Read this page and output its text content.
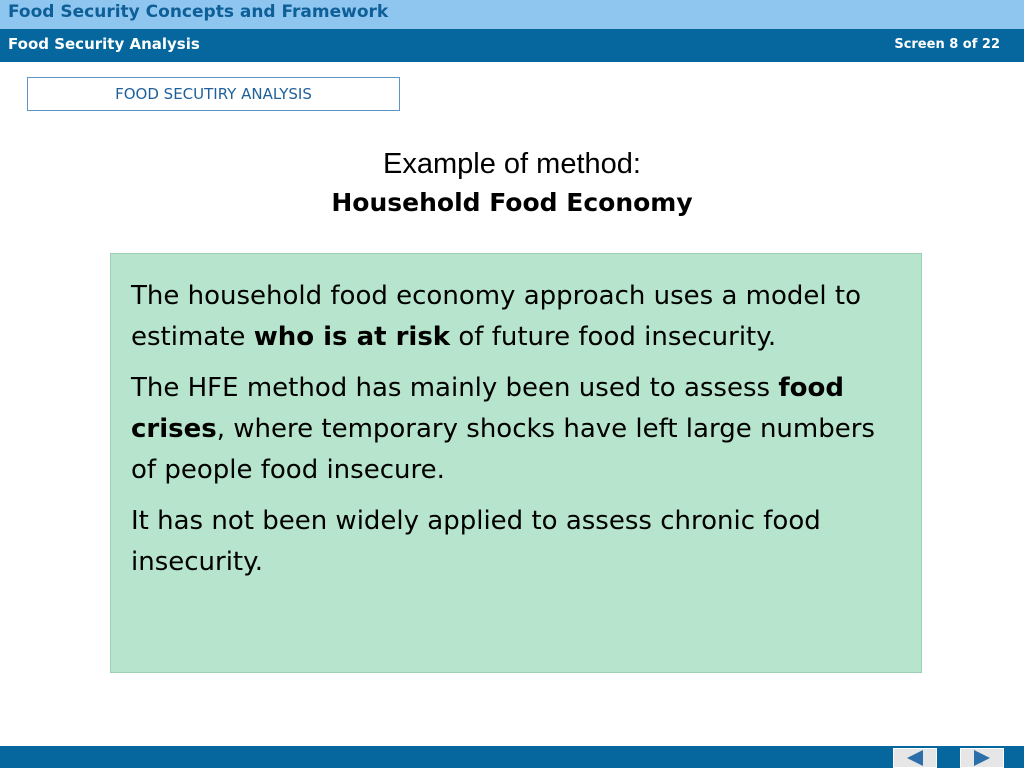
Food Security Concepts and Framework
Food Security Analysis	Screen 8 of 22
FOOD SECUTIRY ANALYSIS
Example of method:
Household Food Economy

The household food economy approach uses a model to estimate who is at risk of future food insecurity.

The HFE method has mainly been used to assess food crises, where temporary shocks have left large numbers of people food insecure.

It has not been widely applied to assess chronic food insecurity.
